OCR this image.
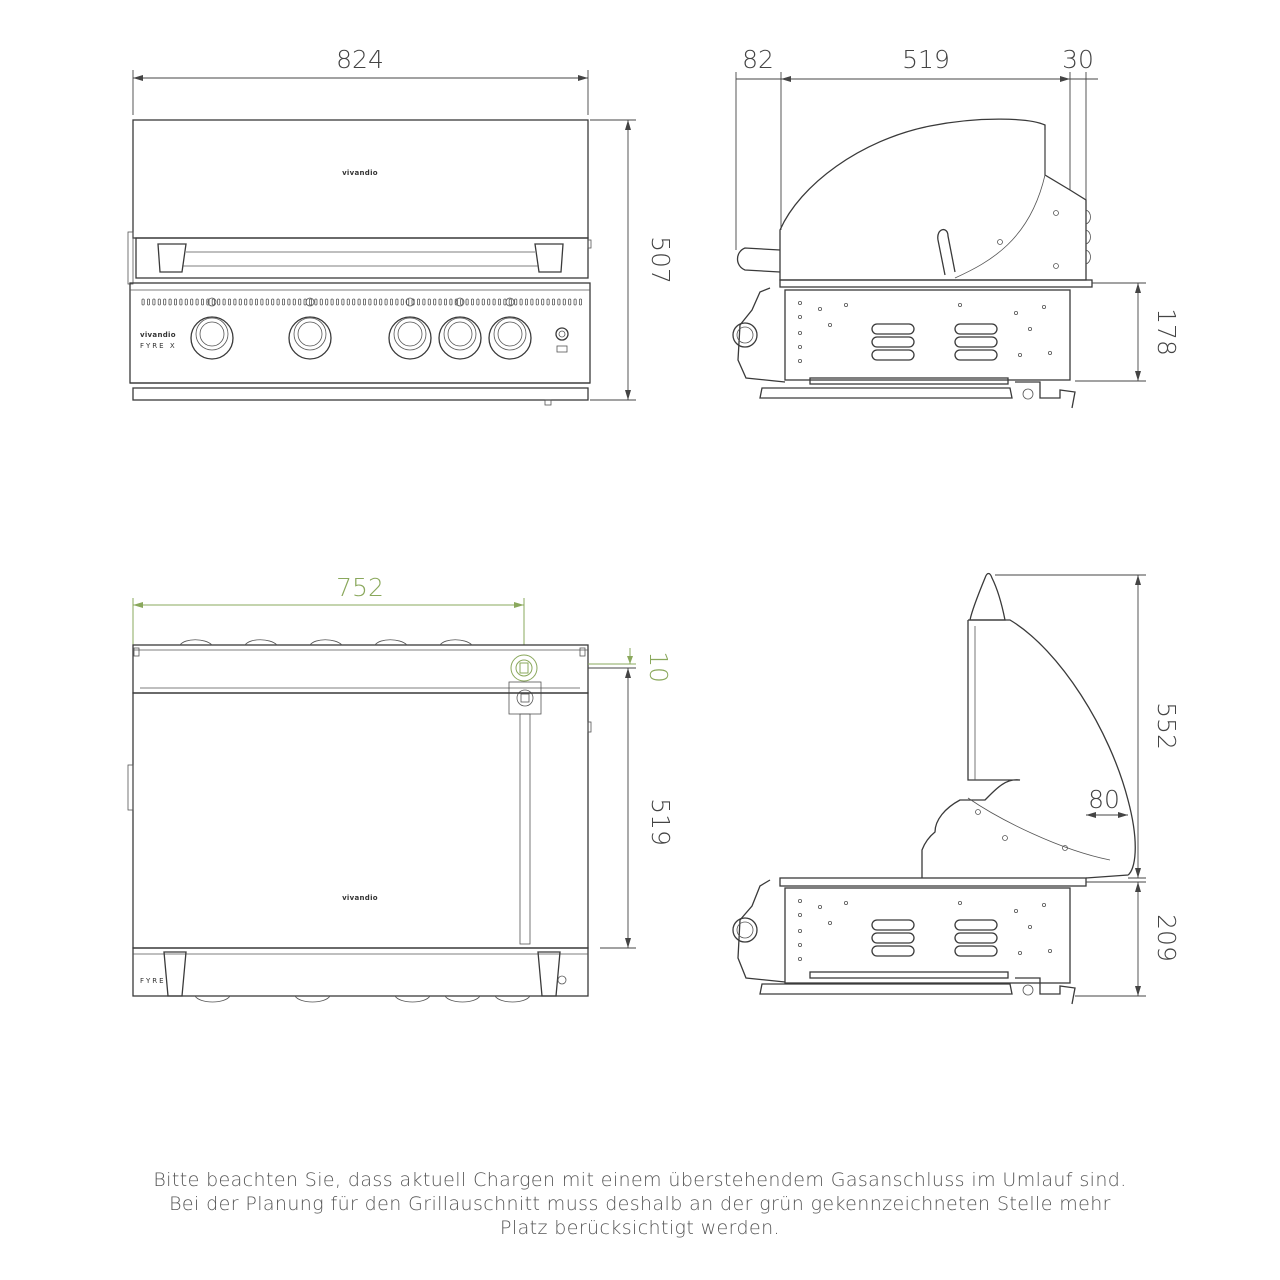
824
507
vivandio
vivandio
FYRE X
82	519	30
178
752
10
vivandio
FYRE
519	80
552
209
Bitte beachten Sie, dass aktuell Chargen mit einem überstehendem Gasanschluss im Umlauf sind.
Bei der Planung für den Grillauschnitt muss deshalb an der grün gekennzeichneten Stelle mehr
Platz berücksichtigt werden.
